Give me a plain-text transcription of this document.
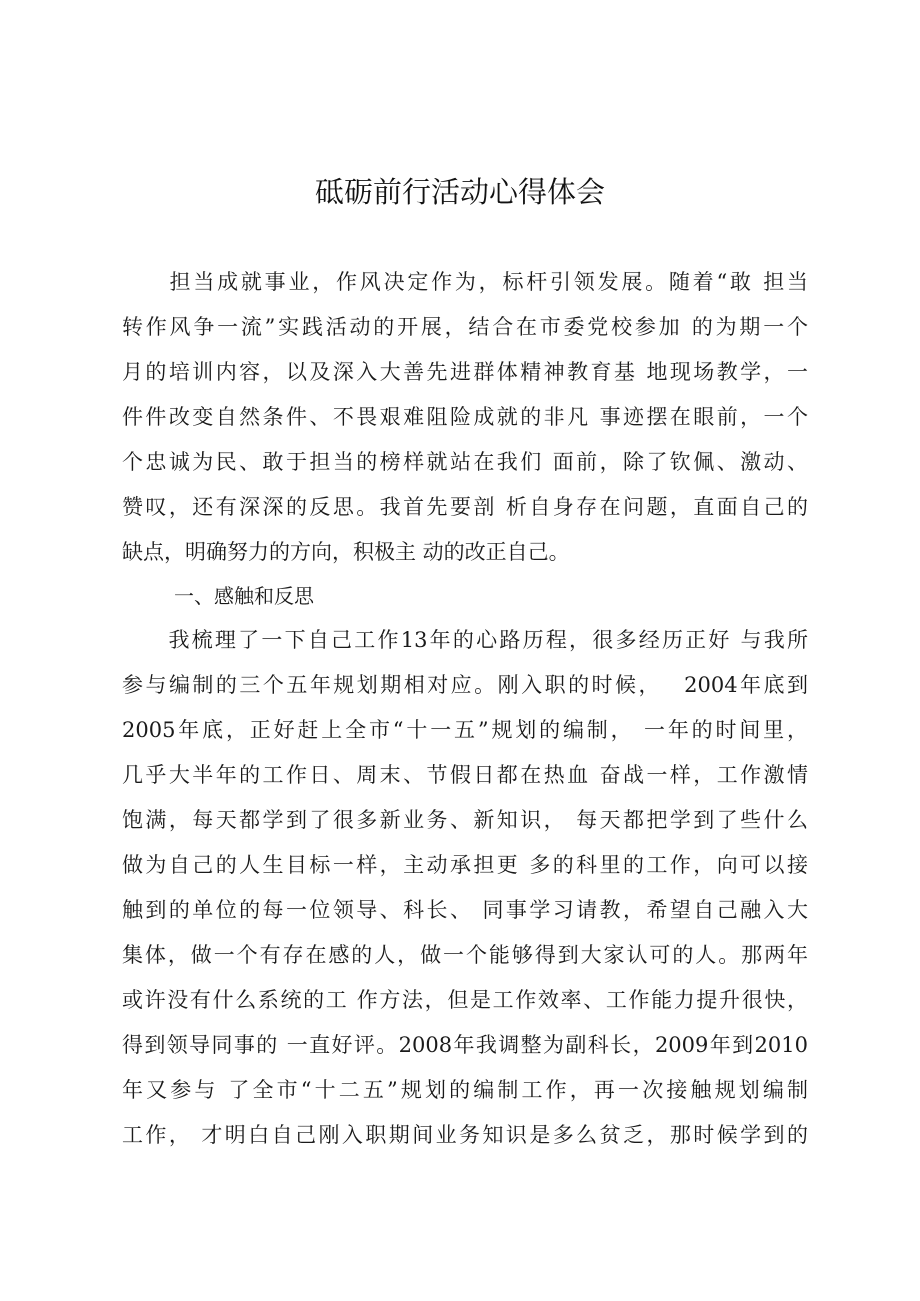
砥砺前行活动心得体会
　　担当成就事业，作风决定作为，标杆引领发展。随着“敢 担当
转作风争一流”实践活动的开展，结合在市委党校参加 的为期一个
月的培训内容，以及深入大善先进群体精神教育基 地现场教学，一
件件改变自然条件、不畏艰难阻险成就的非凡 事迹摆在眼前，一个
个忠诚为民、敢于担当的榜样就站在我们 面前，除了钦佩、激动、
赞叹，还有深深的反思。我首先要剖 析自身存在问题，直面自己的
缺点，明确努力的方向，积极主 动的改正自己。
一、感触和反思
　　我梳理了一下自己工作13年的心路历程，很多经历正好 与我所
参与编制的三个五年规划期相对应。刚入职的时候，　 2004年底到
2005年底，正好赶上全市“十一五”规划的编制， 一年的时间里，
几乎大半年的工作日、周末、节假日都在热血 奋战一样，工作激情
饱满，每天都学到了很多新业务、新知识， 每天都把学到了些什么
做为自己的人生目标一样，主动承担更 多的科里的工作，向可以接
触到的单位的每一位领导、科长、 同事学习请教，希望自己融入大
集体，做一个有存在感的人，做一个能够得到大家认可的人。那两年
或许没有什么系统的工 作方法，但是工作效率、工作能力提升很快，
得到领导同事的 一直好评。2008年我调整为副科长，2009年到2010
年又参与 了全市“十二五”规划的编制工作，再一次接触规划编制
工作， 才明白自己刚入职期间业务知识是多么贫乏，那时候学到的
